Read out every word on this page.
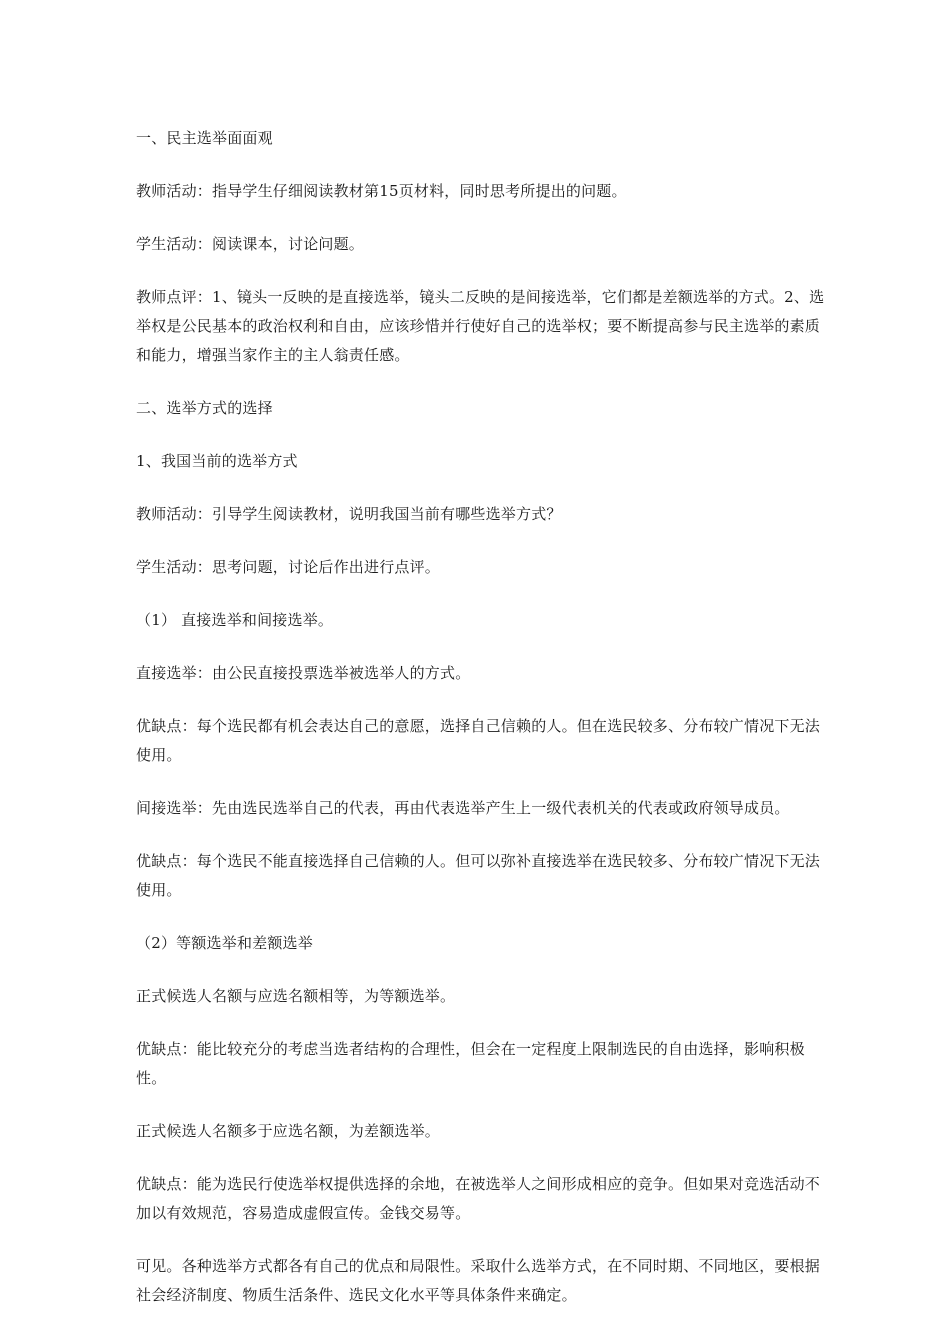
一、民主选举面面观

教师活动：指导学生仔细阅读教材第15页材料，同时思考所提出的问题。

学生活动：阅读课本，讨论问题。

教师点评：1、镜头一反映的是直接选举，镜头二反映的是间接选举，它们都是差额选举的方式。2、选举权是公民基本的政治权利和自由，应该珍惜并行使好自己的选举权；要不断提高参与民主选举的素质和能力，增强当家作主的主人翁责任感。

二、选举方式的选择

1、我国当前的选举方式

教师活动：引导学生阅读教材，说明我国当前有哪些选举方式？

学生活动：思考问题，讨论后作出进行点评。

（1） 直接选举和间接选举。

直接选举：由公民直接投票选举被选举人的方式。

优缺点：每个选民都有机会表达自己的意愿，选择自己信赖的人。但在选民较多、分布较广情况下无法使用。

间接选举：先由选民选举自己的代表，再由代表选举产生上一级代表机关的代表或政府领导成员。

优缺点：每个选民不能直接选择自己信赖的人。但可以弥补直接选举在选民较多、分布较广情况下无法使用。

（2）等额选举和差额选举

正式候选人名额与应选名额相等，为等额选举。

优缺点：能比较充分的考虑当选者结构的合理性，但会在一定程度上限制选民的自由选择，影响积极性。

正式候选人名额多于应选名额，为差额选举。

优缺点：能为选民行使选举权提供选择的余地，在被选举人之间形成相应的竞争。但如果对竞选活动不加以有效规范，容易造成虚假宣传。金钱交易等。

可见。各种选举方式都各有自己的优点和局限性。采取什么选举方式，在不同时期、不同地区，要根据社会经济制度、物质生活条件、选民文化水平等具体条件来确定。
